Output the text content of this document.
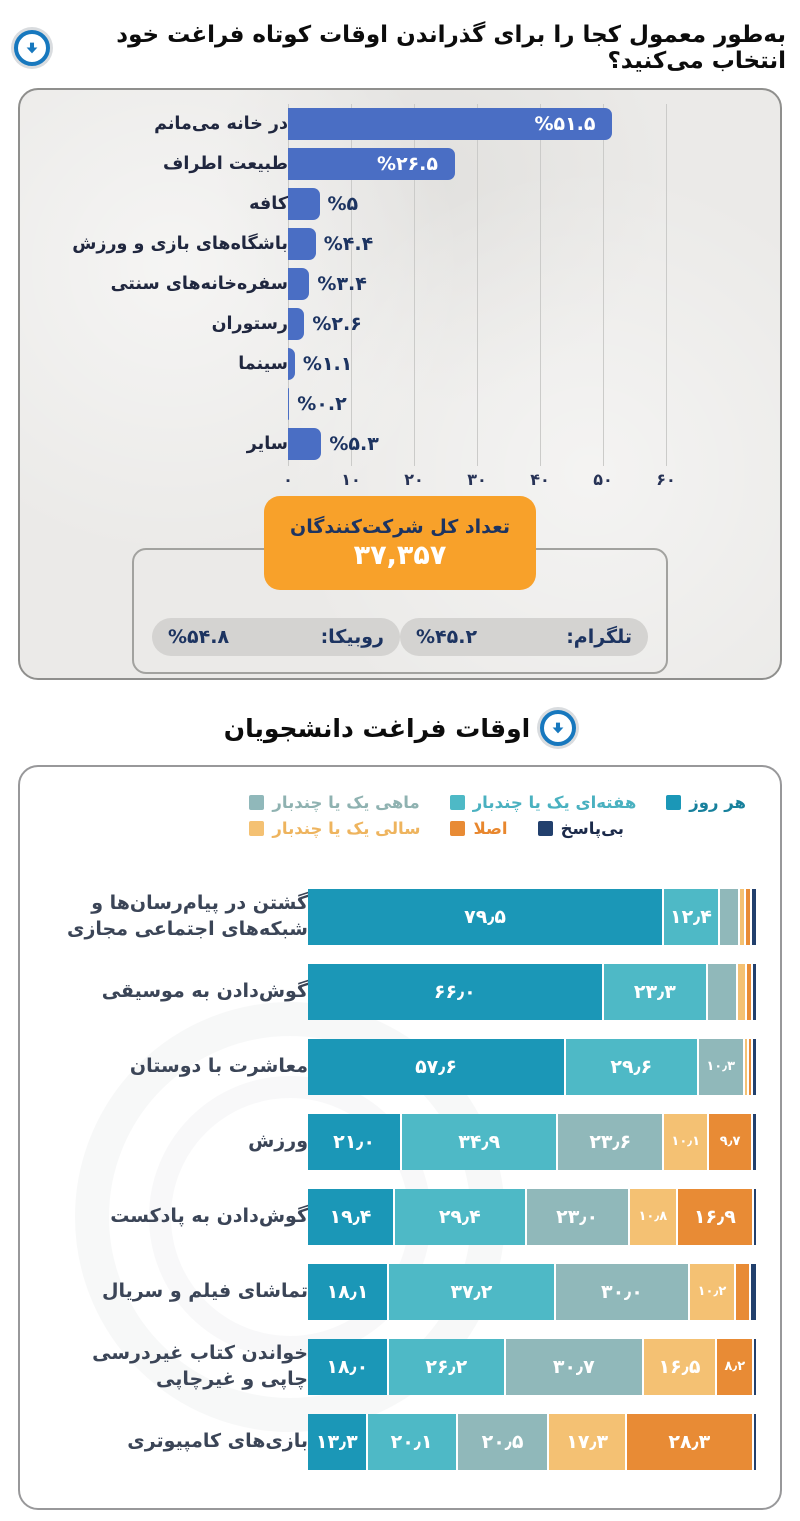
به‌طور معمول کجا را برای گذراندن اوقات کوتاه فراغت خود انتخاب می‌کنید؟
در خانه می‌مانم	%۵۱.۵
طبیعت اطراف	%۲۶.۵
کافه %۵
باشگاه‌های بازی و ورزش %۴.۴
سفره‌خانه‌های سنتی %۳.۴
رستوران %۲.۶
سینما %۱.۱
%۰.۲
سایر %۵.۳
۰	۱۰	۲۰	۳۰	۴۰	۵۰	۶۰
تعداد کل شرکت‌کنندگان
۳۷,۳۵۷
تلگرام:
%۴۵.۲
روبیکا:
%۵۴.۸
اوقات فراغت دانشجویان
هر روز
هفته‌ای یک یا چندبار
ماهی یک یا چندبار
بی‌پاسخ
اصلا
سالی یک یا چندبار
گشتن در پیام‌رسان‌ها و شبکه‌های اجتماعی مجازی
۷۹٫۵	۱۲٫۴
گوش‌دادن به موسیقی	۶۶٫۰	۲۳٫۳
معاشرت با دوستان	۵۷٫۶	۲۹٫۶	۱۰٫۳
ورزش ۲۱٫۰	۳۴٫۹	۲۳٫۶	۱۰٫۱ ۹٫۷
گوش‌دادن به پادکست ۱۹٫۴	۲۹٫۴	۲۳٫۰	۱۰٫۸ ۱۶٫۹
تماشای فیلم و سریال ۱۸٫۱	۳۷٫۲	۳۰٫۰	۱۰٫۲
خواندن کتاب غیردرسی چاپی و غیرچاپی
۱۸٫۰	۲۶٫۲	۳۰٫۷	۱۶٫۵ ۸٫۲
بازی‌های کامپیوتری ۱۳٫۳ ۲۰٫۱	۲۰٫۵ ۱۷٫۳	۲۸٫۳
